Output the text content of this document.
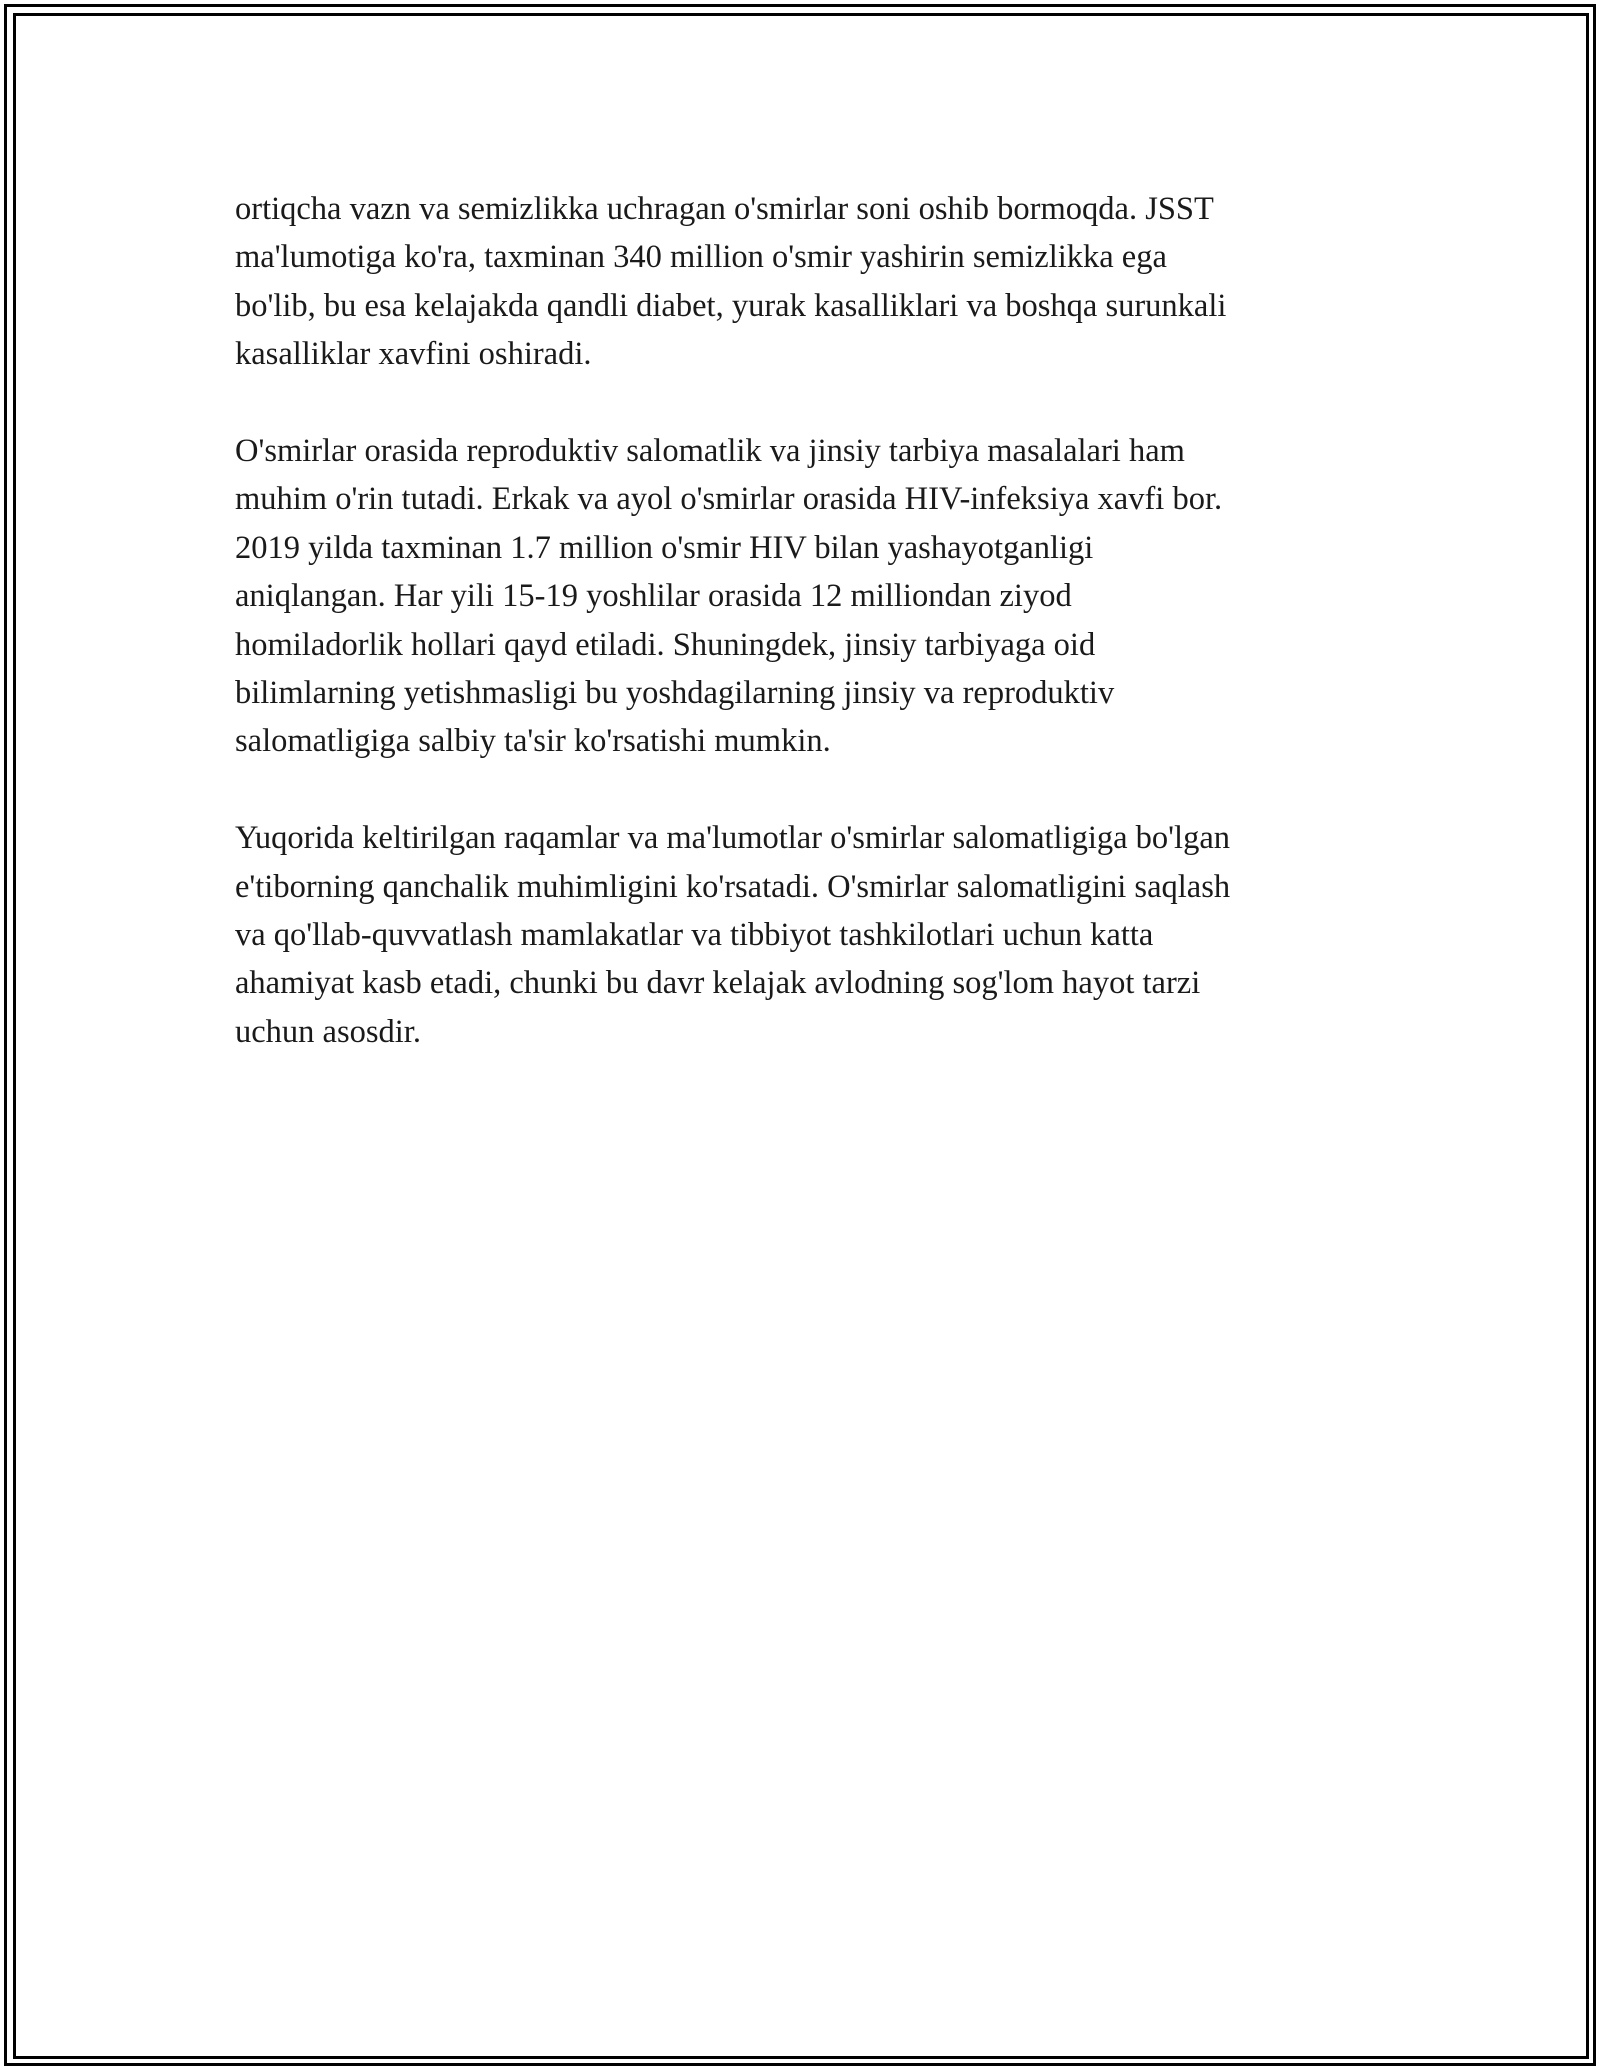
ortiqcha vazn va semizlikka uchragan o'smirlar soni oshib bormoqda. JSST
ma'lumotiga ko'ra, taxminan 340 million o'smir yashirin semizlikka ega
bo'lib, bu esa kelajakda qandli diabet, yurak kasalliklari va boshqa surunkali
kasalliklar xavfini oshiradi.

O'smirlar orasida reproduktiv salomatlik va jinsiy tarbiya masalalari ham
muhim o'rin tutadi. Erkak va ayol o'smirlar orasida HIV-infeksiya xavfi bor.
2019 yilda taxminan 1.7 million o'smir HIV bilan yashayotganligi
aniqlangan. Har yili 15-19 yoshlilar orasida 12 milliondan ziyod
homiladorlik hollari qayd etiladi. Shuningdek, jinsiy tarbiyaga oid
bilimlarning yetishmasligi bu yoshdagilarning jinsiy va reproduktiv
salomatligiga salbiy ta'sir ko'rsatishi mumkin.

Yuqorida keltirilgan raqamlar va ma'lumotlar o'smirlar salomatligiga bo'lgan
e'tiborning qanchalik muhimligini ko'rsatadi. O'smirlar salomatligini saqlash
va qo'llab-quvvatlash mamlakatlar va tibbiyot tashkilotlari uchun katta
ahamiyat kasb etadi, chunki bu davr kelajak avlodning sog'lom hayot tarzi
uchun asosdir.
